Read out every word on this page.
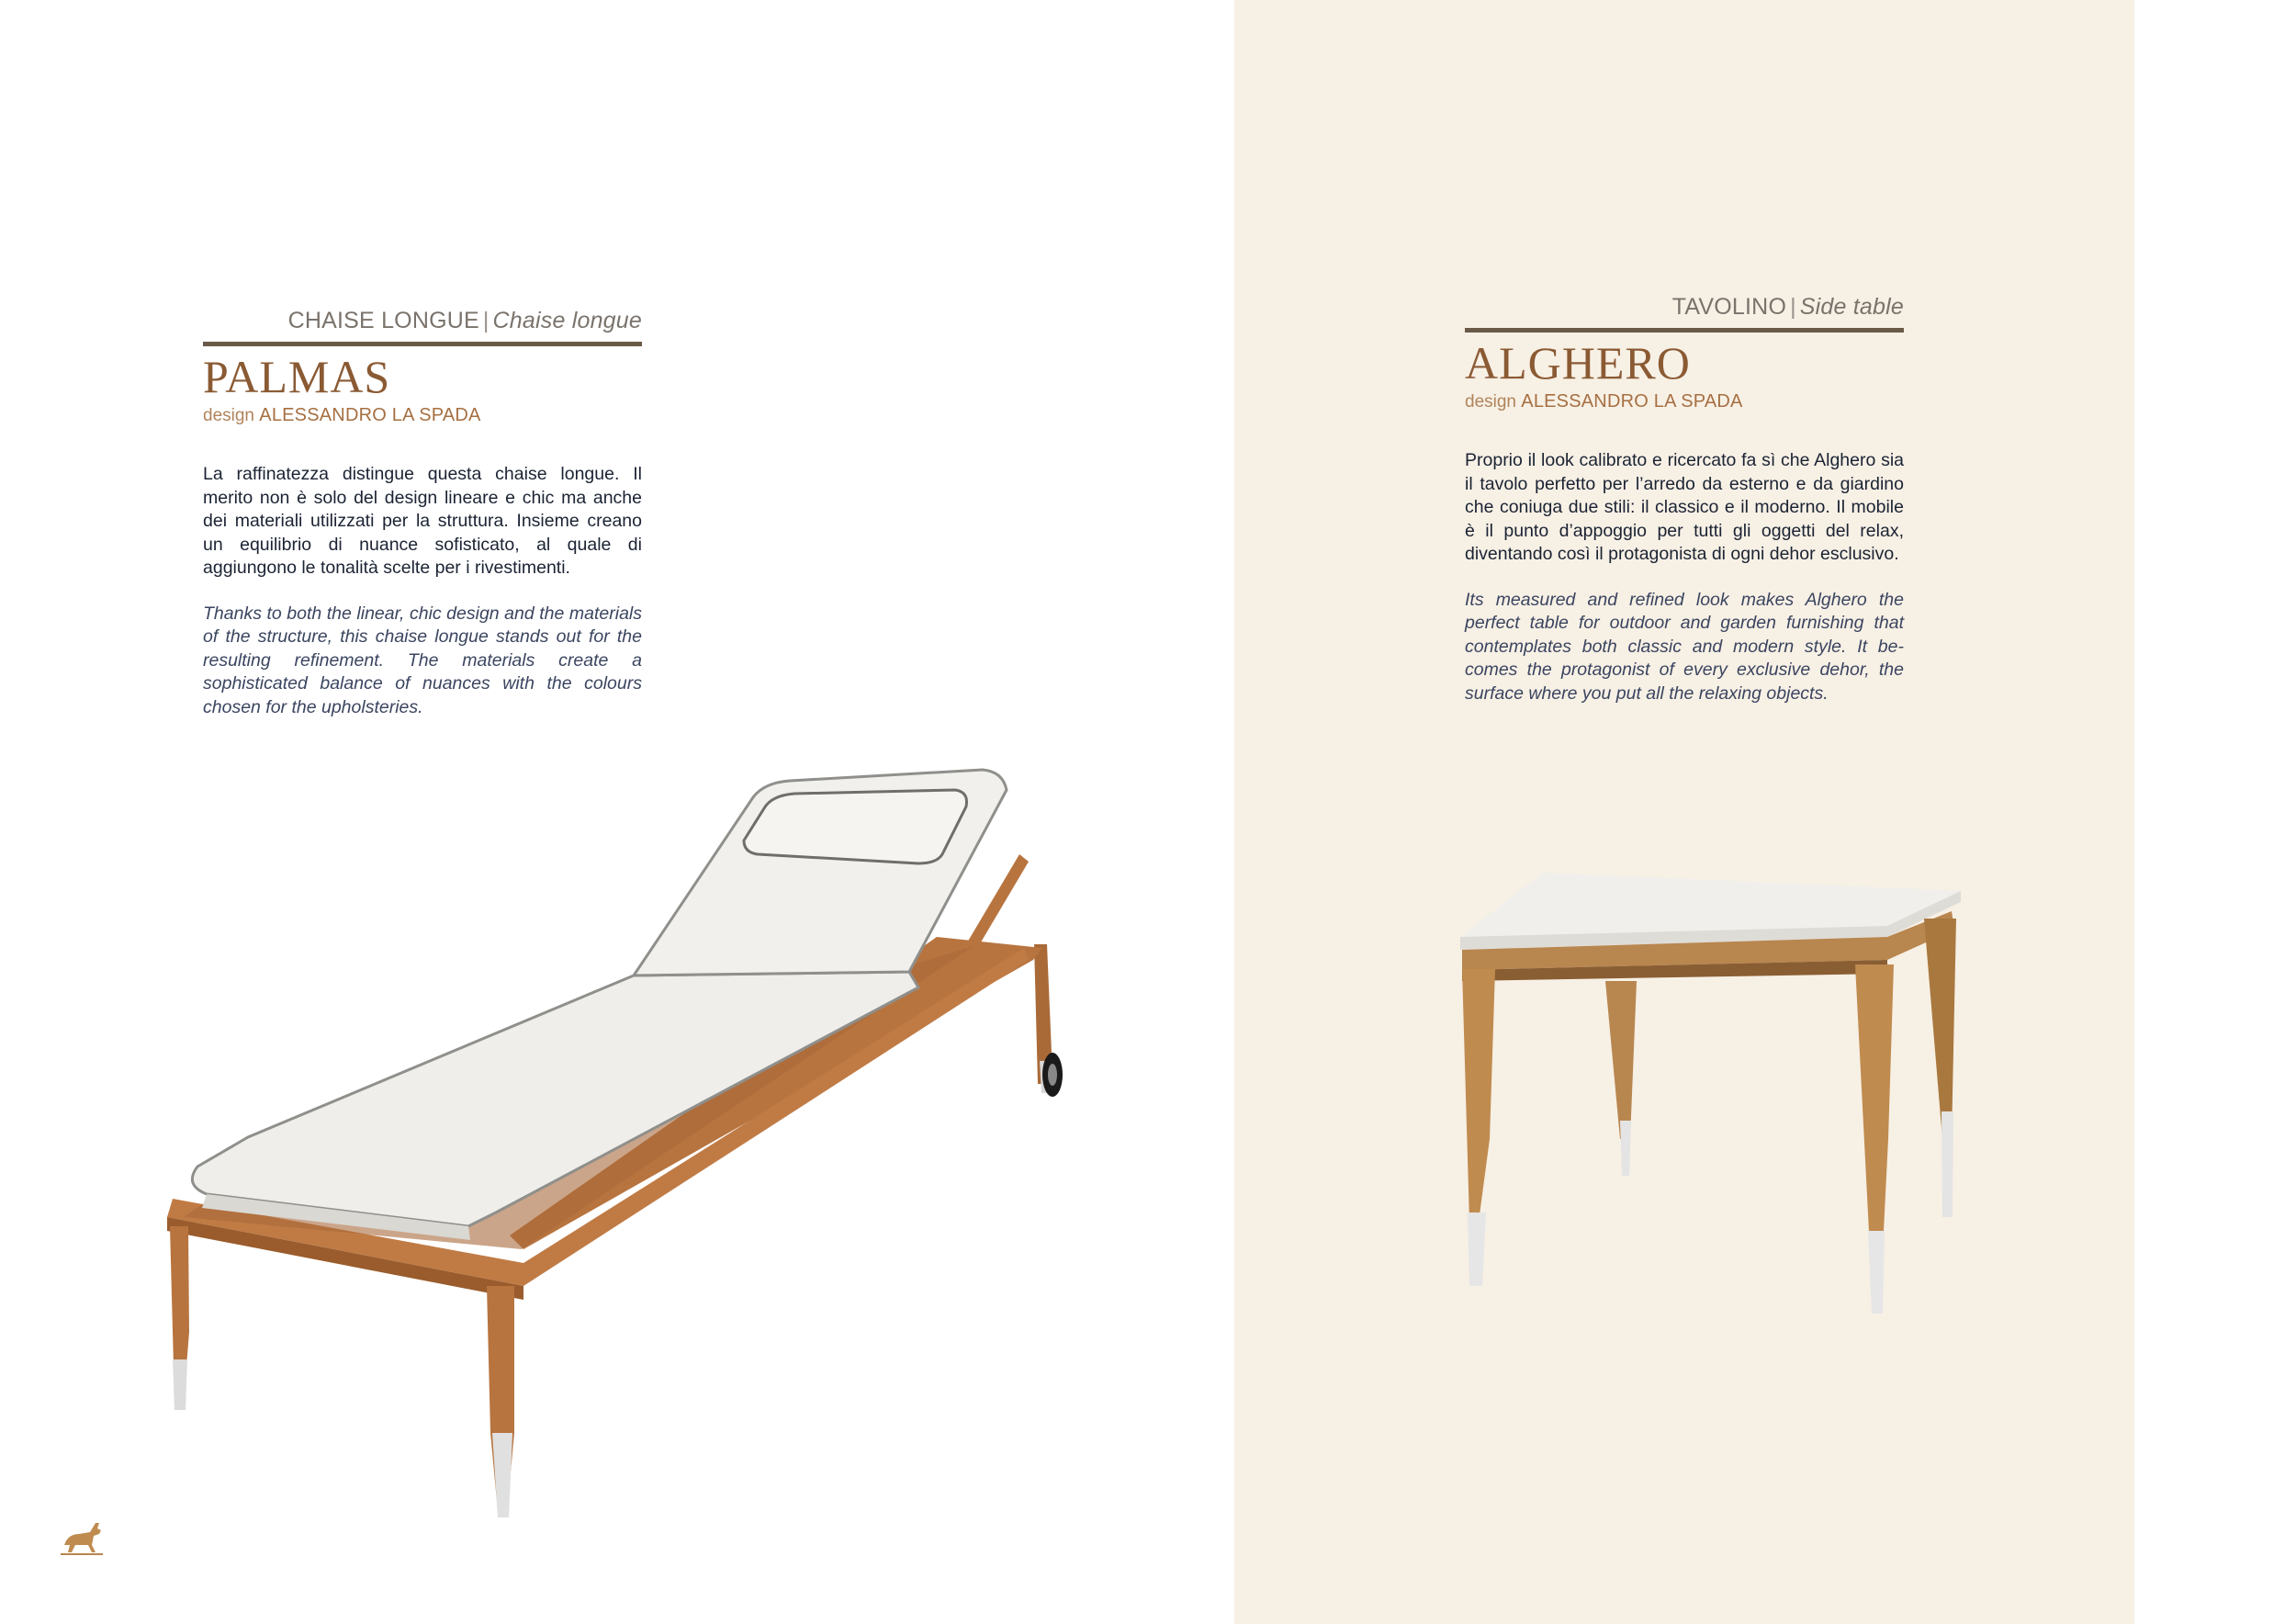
CHAISE LONGUE | Chaise longue
PALMAS
design ALESSANDRO LA SPADA
La raffinatezza distingue questa chaise longue. Il merito non è solo del design lineare e chic ma anche dei materiali utilizzati per la struttura. Insieme creano un equilibrio di nuance sofisticato, al quale di aggiungono le tonalità scelte per i rivestimenti.
Thanks to both the linear, chic design and the materials of the structure, this chaise longue stands out for the resulting refinement. The materials create a sophisticated balance of nuances with the colours chosen for the upholsteries.
TAVOLINO | Side table
ALGHERO
design ALESSANDRO LA SPADA
Proprio il look calibrato e ricercato fa sì che Alghero sia il tavolo perfetto per l’arredo da esterno e da giardino che coniuga due stili: il classico e il moderno. Il mobile è il punto d’appoggio per tutti gli oggetti del relax, diventando così il protagonista di ogni dehor esclusivo.
Its measured and refined look makes Alghero the perfect table for outdoor and garden furnishing that contemplates both classic and modern style. It becomes the protagonist of every exclusive dehor, the surface where you put all the relaxing objects.
